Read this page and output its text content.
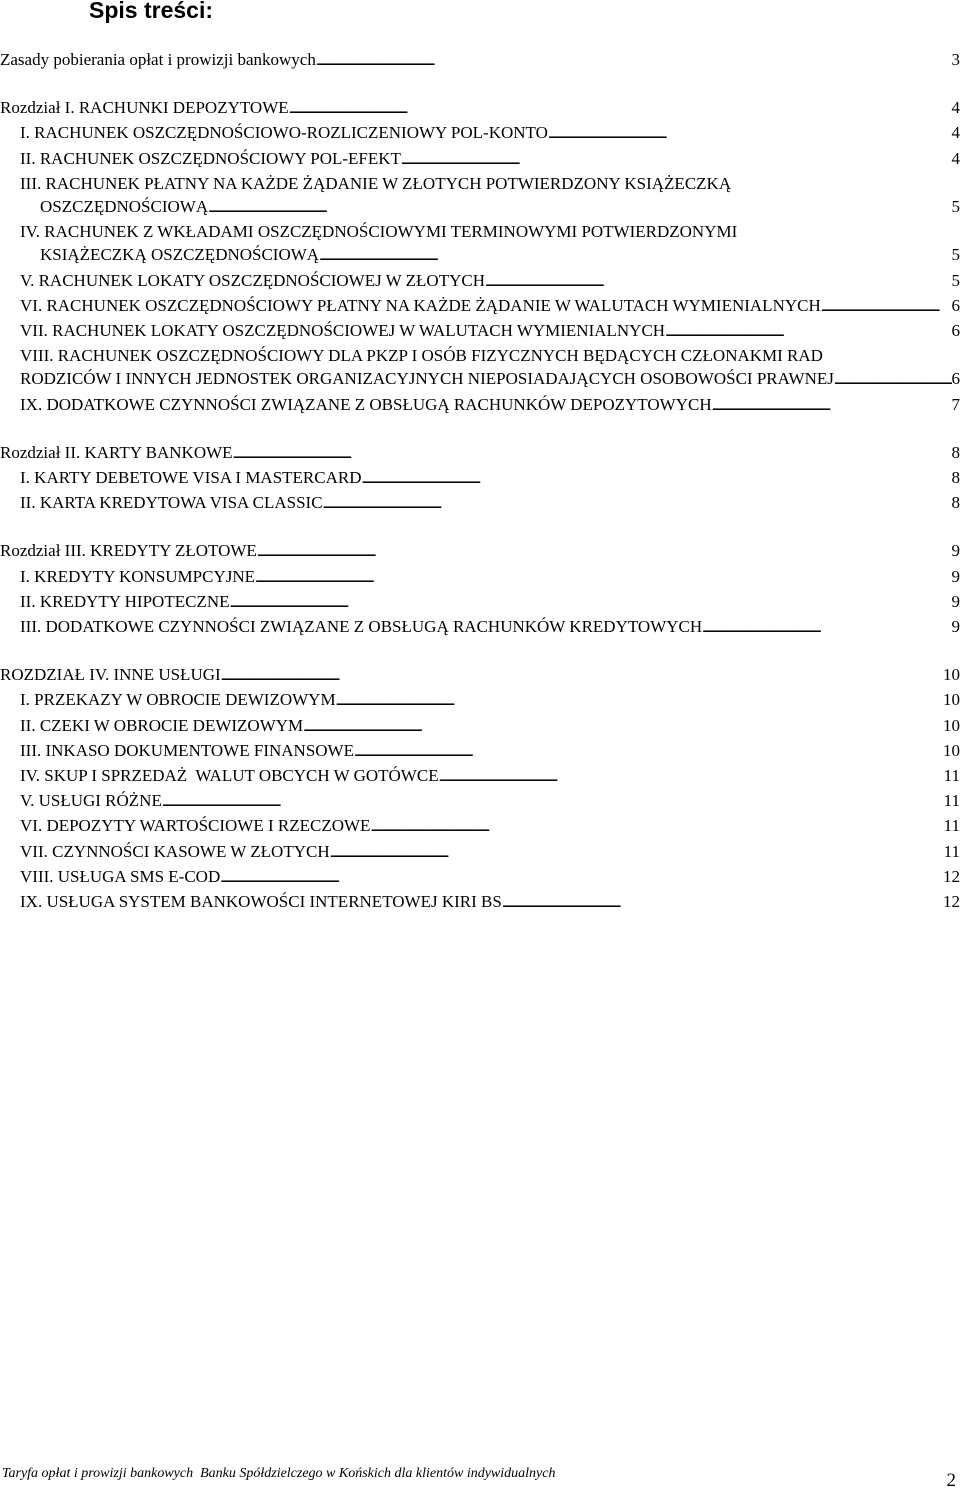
Spis treści:
Zasady pobierania opłat i prowizji bankowych . . .	3
Rozdział I. RACHUNKI DEPOZYTOWE . . .	4
I. RACHUNEK OSZCZĘDNOŚCIOWO-ROZLICZENIOWY POL-KONTO . . .	4
II. RACHUNEK OSZCZĘDNOŚCIOWY POL-EFEKT . . .	4
III. RACHUNEK PŁATNY NA KAŻDE ŻĄDANIE W ZŁOTYCH POTWIERDZONY KSIĄŻECZKĄ
OSZCZĘDNOŚCIOWĄ . . .	5
IV. RACHUNEK Z WKŁADAMI OSZCZĘDNOŚCIOWYMI TERMINOWYMI POTWIERDZONYMI
KSIĄŻECZKĄ OSZCZĘDNOŚCIOWĄ . . .	5
V. RACHUNEK LOKATY OSZCZĘDNOŚCIOWEJ W ZŁOTYCH . . .	5
VI. RACHUNEK OSZCZĘDNOŚCIOWY PŁATNY NA KAŻDE ŻĄDANIE W WALUTACH WYMIENIALNYCH . . .	6
VII. RACHUNEK LOKATY OSZCZĘDNOŚCIOWEJ W WALUTACH WYMIENIALNYCH . . .	6
VIII. RACHUNEK OSZCZĘDNOŚCIOWY DLA PKZP I OSÓB FIZYCZNYCH BĘDĄCYCH CZŁONAKMI RAD
RODZICÓW I INNYCH JEDNOSTEK ORGANIZACYJNYCH NIEPOSIADAJĄCYCH OSOBOWOŚCI PRAWNEJ . . .	6
IX. DODATKOWE CZYNNOŚCI ZWIĄZANE Z OBSŁUGĄ RACHUNKÓW DEPOZYTOWYCH . . .	7
Rozdział II. KARTY BANKOWE . . .	8
I. KARTY DEBETOWE VISA I MASTERCARD . . .	8
II. KARTA KREDYTOWA VISA CLASSIC . . .	8
Rozdział III. KREDYTY ZŁOTOWE . . .	9
I. KREDYTY KONSUMPCYJNE . . .	9
II. KREDYTY HIPOTECZNE . . .	9
III. DODATKOWE CZYNNOŚCI ZWIĄZANE Z OBSŁUGĄ RACHUNKÓW KREDYTOWYCH . . .	9
ROZDZIAŁ IV. INNE USŁUGI . . .	10
I. PRZEKAZY W OBROCIE DEWIZOWYM . . .	10
II. CZEKI W OBROCIE DEWIZOWYM . . .	10
III. INKASO DOKUMENTOWE FINANSOWE . . .	10
IV. SKUP I SPRZEDAŻ  WALUT OBCYCH W GOTÓWCE . . .	11
V. USŁUGI RÓŻNE . . .	11
VI. DEPOZYTY WARTOŚCIOWE I RZECZOWE . . .	11
VII. CZYNNOŚCI KASOWE W ZŁOTYCH . . .	11
VIII. USŁUGA SMS E-COD . . .	12
IX. USŁUGA SYSTEM BANKOWOŚCI INTERNETOWEJ KIRI BS . . .	12
Taryfa opłat i prowizji bankowych  Banku Spółdzielczego w Końskich dla klientów indywidualnych	2
